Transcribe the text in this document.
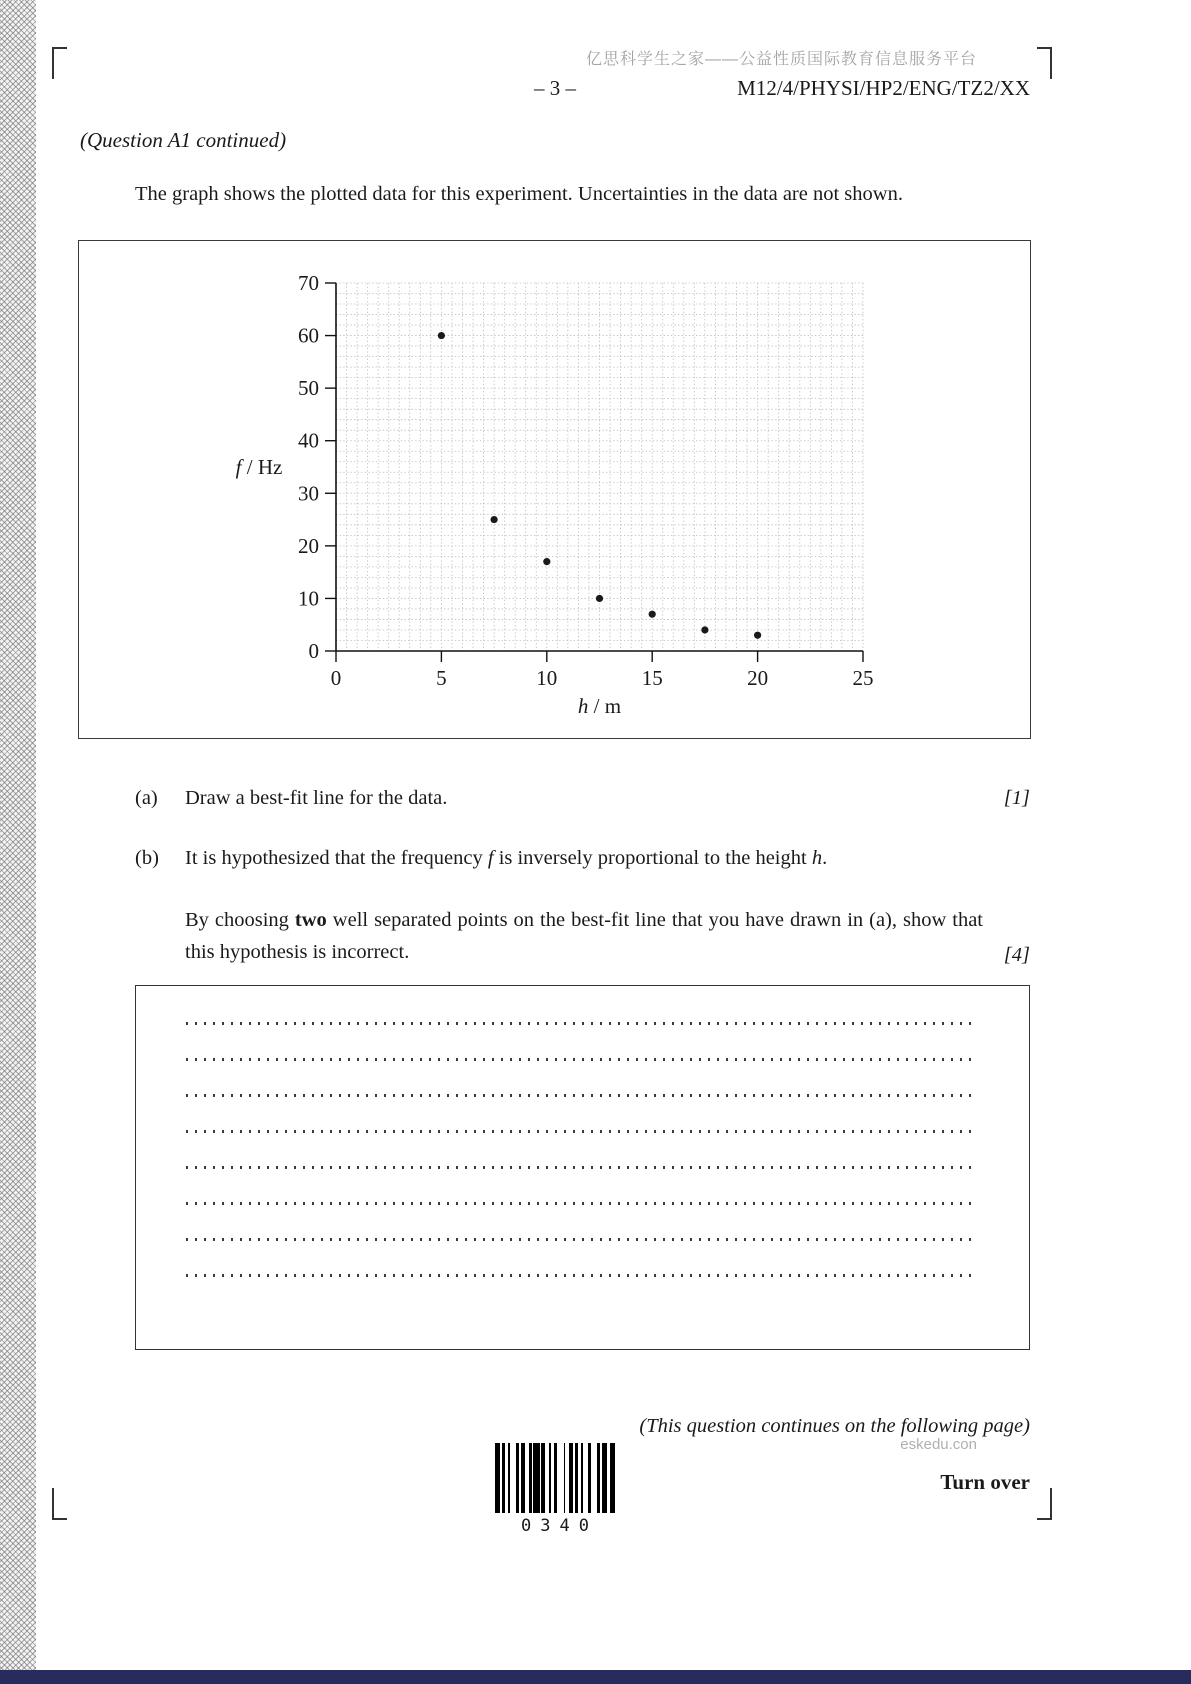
亿思科学生之家——公益性质国际教育信息服务平台
– 3 –	M12/4/PHYSI/HP2/ENG/TZ2/XX
(Question A1 continued)
The graph shows the plotted data for this experiment. Uncertainties in the data are not shown.
0
10
20
30
40
50
60
70
0	5	10	15	20	25
f / Hz
h / m
(a) Draw a best-fit line for the data.	[1]
(b) It is hypothesized that the frequency f is inversely proportional to the height h.
By choosing two well separated points on the best-fit line that you have drawn in (a), show that this hypothesis is incorrect.	[4]
(This question continues on the following page)
0340
eskedu.con
Turn over
